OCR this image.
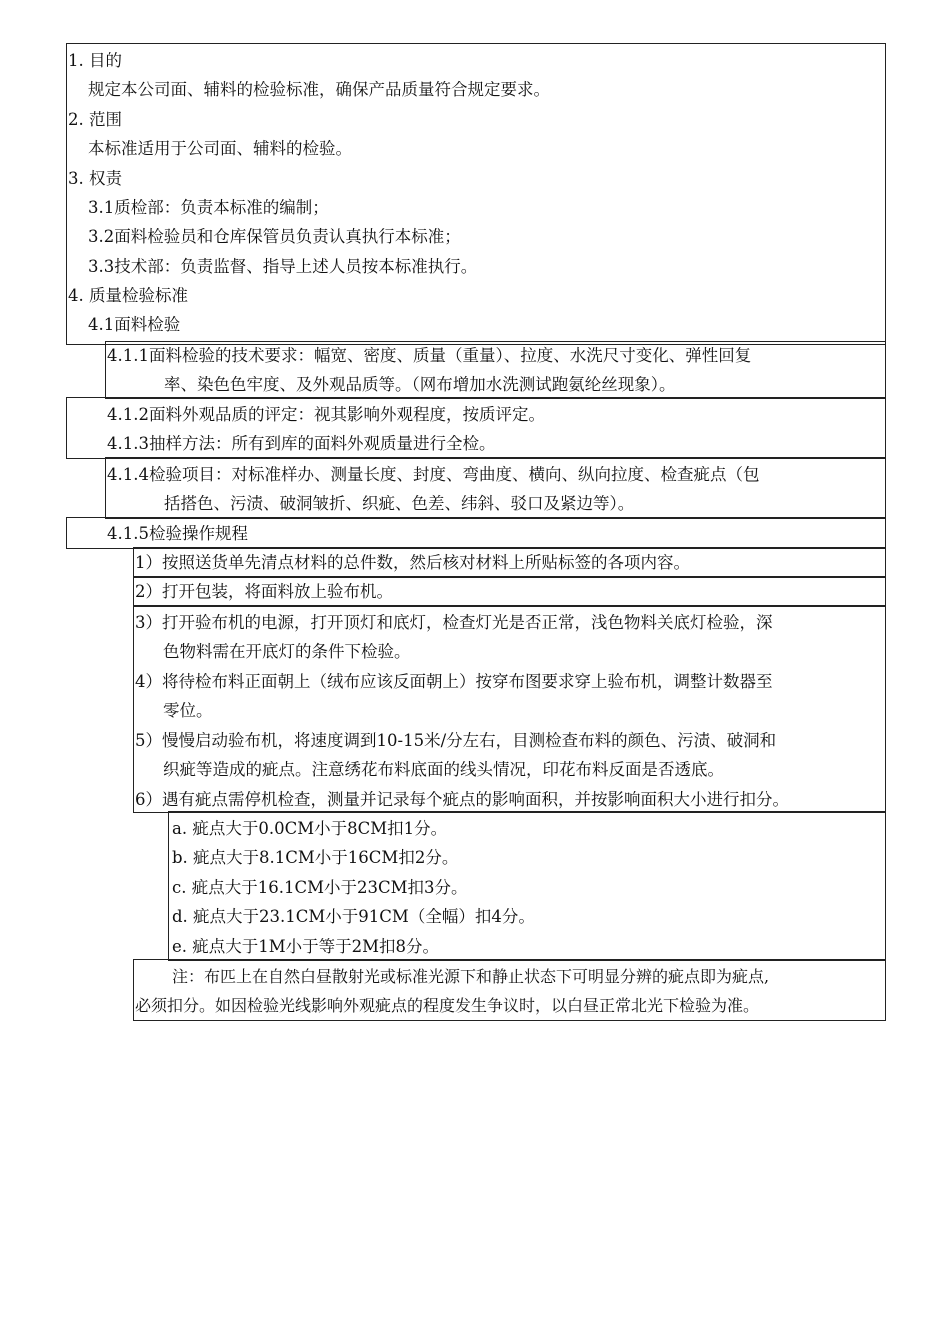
1. 目的
规定本公司面、辅料的检验标准，确保产品质量符合规定要求。
2. 范围
本标准适用于公司面、辅料的检验。
3. 权责
3.1质检部：负责本标准的编制；
3.2面料检验员和仓库保管员负责认真执行本标准；
3.3技术部：负责监督、指导上述人员按本标准执行。
4. 质量检验标准
4.1面料检验
4.1.1面料检验的技术要求：幅宽、密度、质量（重量）、拉度、水洗尺寸变化、弹性回复
率、染色色牢度、及外观品质等。（网布增加水洗测试跑氨纶丝现象）。
4.1.2面料外观品质的评定：视其影响外观程度，按质评定。
4.1.3抽样方法：所有到库的面料外观质量进行全检。
4.1.4检验项目：对标准样办、测量长度、封度、弯曲度、横向、纵向拉度、检查疵点（包
括搭色、污渍、破洞皱折、织疵、色差、纬斜、驳口及紧边等）。
4.1.5检验操作规程
1）按照送货单先清点材料的总件数，然后核对材料上所贴标签的各项内容。
2）打开包装，将面料放上验布机。
3）打开验布机的电源，打开顶灯和底灯，检查灯光是否正常，浅色物料关底灯检验，深
色物料需在开底灯的条件下检验。
4）将待检布料正面朝上（绒布应该反面朝上）按穿布图要求穿上验布机，调整计数器至
零位。
5）慢慢启动验布机，将速度调到10-15米/分左右，目测检查布料的颜色、污渍、破洞和
织疵等造成的疵点。注意绣花布料底面的线头情况，印花布料反面是否透底。
6）遇有疵点需停机检查，测量并记录每个疵点的影响面积，并按影响面积大小进行扣分。
a. 疵点大于0.0CM小于8CM扣1分。
b. 疵点大于8.1CM小于16CM扣2分。
c. 疵点大于16.1CM小于23CM扣3分。
d. 疵点大于23.1CM小于91CM（全幅）扣4分。
e. 疵点大于1M小于等于2M扣8分。
注：布匹上在自然白昼散射光或标准光源下和静止状态下可明显分辨的疵点即为疵点,
必须扣分。如因检验光线影响外观疵点的程度发生争议时，以白昼正常北光下检验为准。
